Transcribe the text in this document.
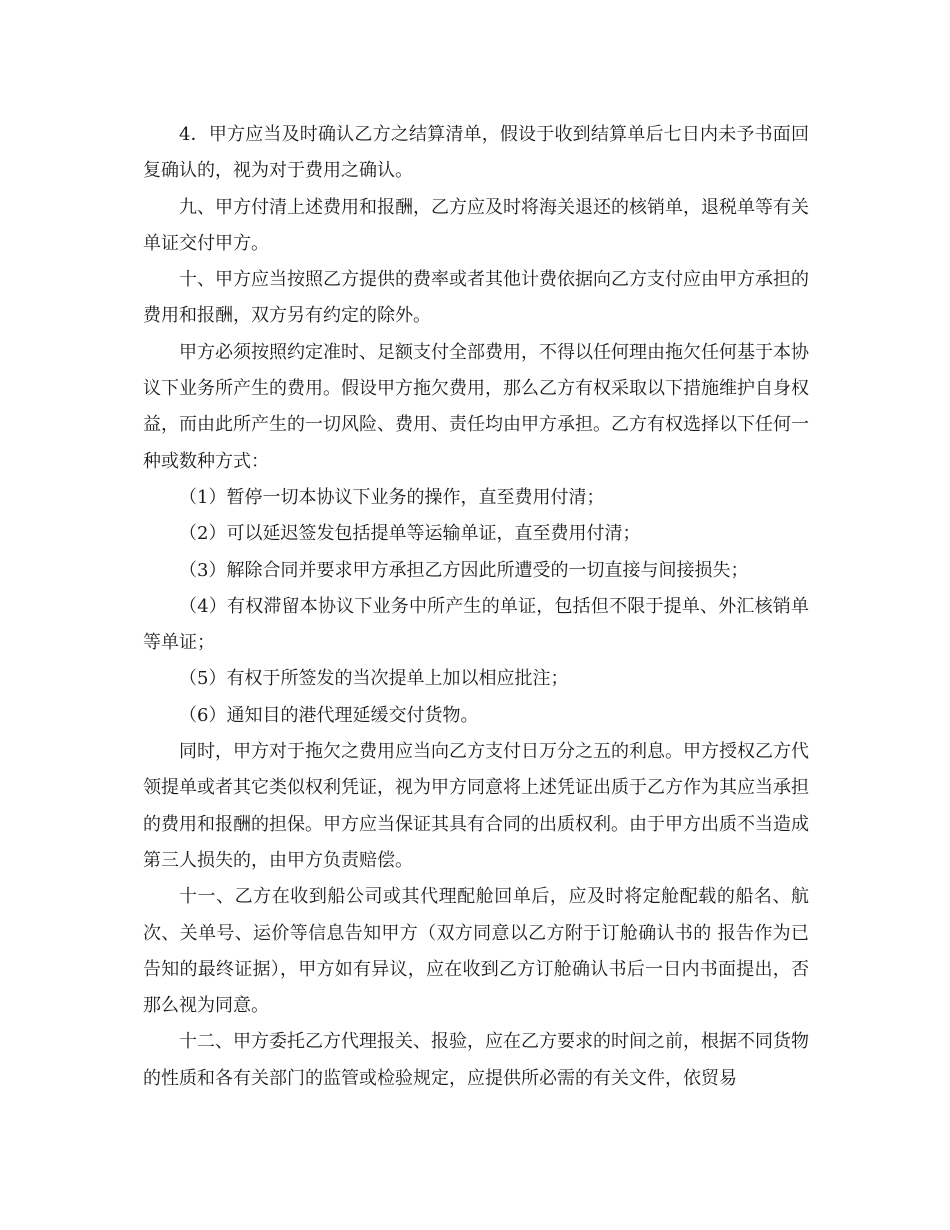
4．甲方应当及时确认乙方之结算清单，假设于收到结算单后七日内未予书面回复确认的，视为对于费用之确认。

九、甲方付清上述费用和报酬，乙方应及时将海关退还的核销单，退税单等有关单证交付甲方。

十、甲方应当按照乙方提供的费率或者其他计费依据向乙方支付应由甲方承担的费用和报酬，双方另有约定的除外。

甲方必须按照约定准时、足额支付全部费用，不得以任何理由拖欠任何基于本协议下业务所产生的费用。假设甲方拖欠费用，那么乙方有权采取以下措施维护自身权益，而由此所产生的一切风险、费用、责任均由甲方承担。乙方有权选择以下任何一种或数种方式：

（1）暂停一切本协议下业务的操作，直至费用付清；

（2）可以延迟签发包括提单等运输单证，直至费用付清；

（3）解除合同并要求甲方承担乙方因此所遭受的一切直接与间接损失；

（4）有权滞留本协议下业务中所产生的单证，包括但不限于提单、外汇核销单等单证；

（5）有权于所签发的当次提单上加以相应批注；

（6）通知目的港代理延缓交付货物。

同时，甲方对于拖欠之费用应当向乙方支付日万分之五的利息。甲方授权乙方代领提单或者其它类似权利凭证，视为甲方同意将上述凭证出质于乙方作为其应当承担的费用和报酬的担保。甲方应当保证其具有合同的出质权利。由于甲方出质不当造成第三人损失的，由甲方负责赔偿。

十一、乙方在收到船公司或其代理配舱回单后，应及时将定舱配载的船名、航次、关单号、运价等信息告知甲方（双方同意以乙方附于订舱确认书的 报告作为已告知的最终证据），甲方如有异议，应在收到乙方订舱确认书后一日内书面提出，否那么视为同意。

十二、甲方委托乙方代理报关、报验，应在乙方要求的时间之前，根据不同货物的性质和各有关部门的监管或检验规定，应提供所必需的有关文件，依贸易
